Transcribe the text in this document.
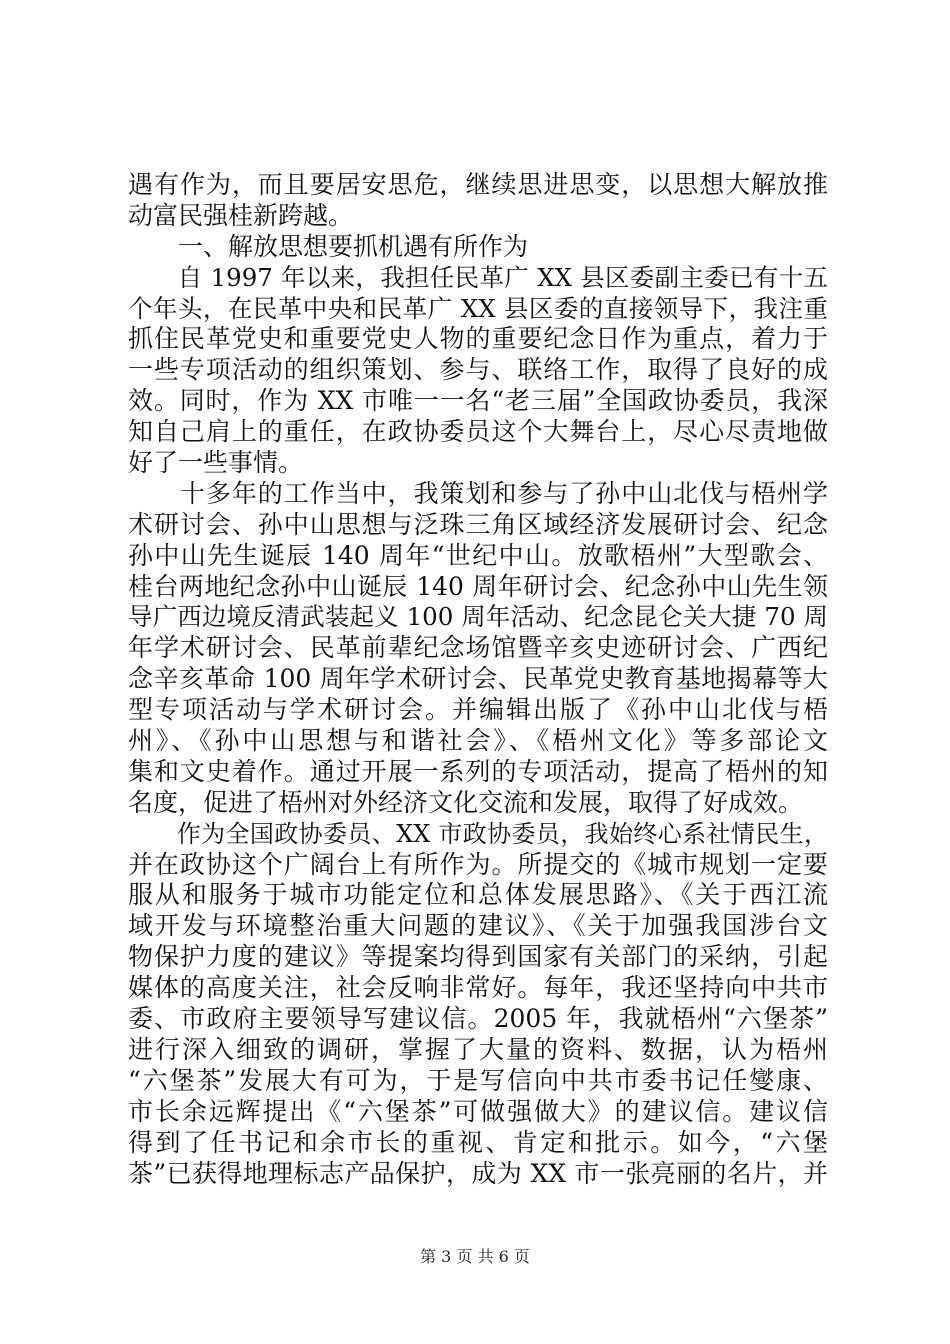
遇有作为，而且要居安思危，继续思进思变，以思想大解放推
动富民强桂新跨越。
　　一、解放思想要抓机遇有所作为
　　自 1997 年以来，我担任民革广 XX 县区委副主委已有十五
个年头，在民革中央和民革广 XX 县区委的直接领导下，我注重
抓住民革党史和重要党史人物的重要纪念日作为重点，着力于
一些专项活动的组织策划、参与、联络工作，取得了良好的成
效。同时，作为 XX 市唯一一名“老三届”全国政协委员，我深
知自己肩上的重任，在政协委员这个大舞台上，尽心尽责地做
好了一些事情。
　　十多年的工作当中，我策划和参与了孙中山北伐与梧州学
术研讨会、孙中山思想与泛珠三角区域经济发展研讨会、纪念
孙中山先生诞辰 140 周年“世纪中山。放歌梧州”大型歌会、
桂台两地纪念孙中山诞辰 140 周年研讨会、纪念孙中山先生领
导广西边境反清武装起义 100 周年活动、纪念昆仑关大捷 70 周
年学术研讨会、民革前辈纪念场馆暨辛亥史迹研讨会、广西纪
念辛亥革命 100 周年学术研讨会、民革党史教育基地揭幕等大
型专项活动与学术研讨会。并编辑出版了《孙中山北伐与梧
州》、《孙中山思想与和谐社会》、《梧州文化》等多部论文
集和文史着作。通过开展一系列的专项活动，提高了梧州的知
名度，促进了梧州对外经济文化交流和发展，取得了好成效。
　　作为全国政协委员、XX 市政协委员，我始终心系社情民生，
并在政协这个广阔台上有所作为。所提交的《城市规划一定要
服从和服务于城市功能定位和总体发展思路》、《关于西江流
域开发与环境整治重大问题的建议》、《关于加强我国涉台文
物保护力度的建议》等提案均得到国家有关部门的采纳，引起
媒体的高度关注，社会反响非常好。每年，我还坚持向中共市
委、市政府主要领导写建议信。2005 年，我就梧州“六堡茶”
进行深入细致的调研，掌握了大量的资料、数据，认为梧州
“六堡茶”发展大有可为，于是写信向中共市委书记任燮康、
市长余远辉提出《“六堡茶”可做强做大》的建议信。建议信
得到了任书记和余市长的重视、肯定和批示。如今，“六堡
茶”已获得地理标志产品保护，成为 XX 市一张亮丽的名片，并
第 3 页 共 6 页
